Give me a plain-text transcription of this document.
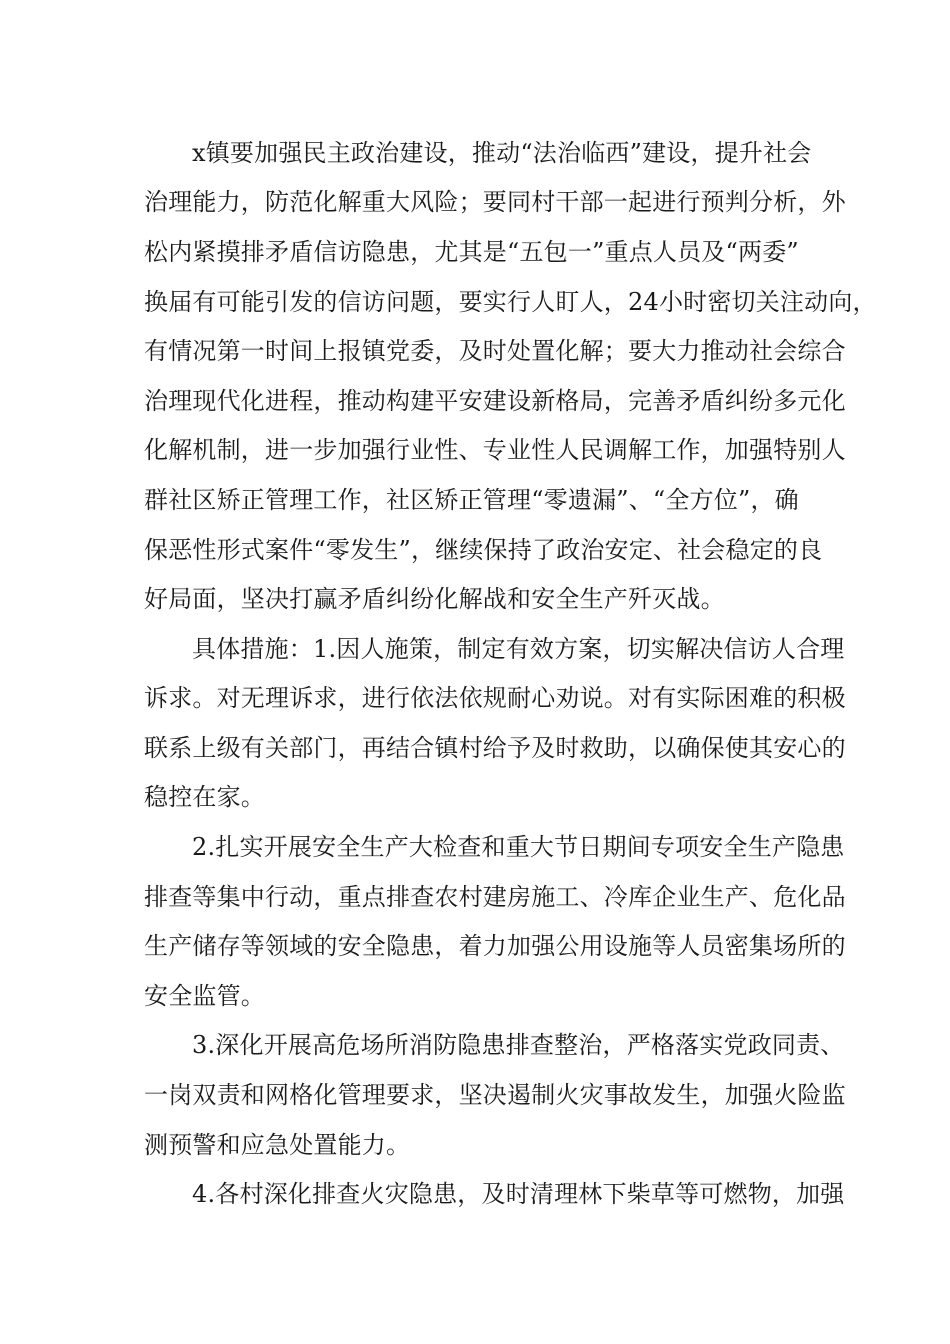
x镇要加强民主政治建设，推动“法治临西”建设，提升社会
治理能力，防范化解重大风险；要同村干部一起进行预判分析，外
松内紧摸排矛盾信访隐患，尤其是“五包一”重点人员及“两委”
换届有可能引发的信访问题，要实行人盯人，24小时密切关注动向，
有情况第一时间上报镇党委，及时处置化解；要大力推动社会综合
治理现代化进程，推动构建平安建设新格局，完善矛盾纠纷多元化
化解机制，进一步加强行业性、专业性人民调解工作，加强特别人
群社区矫正管理工作，社区矫正管理“零遗漏”、“全方位”，确
保恶性形式案件“零发生”，继续保持了政治安定、社会稳定的良
好局面，坚决打赢矛盾纠纷化解战和安全生产歼灭战。
具体措施：1.因人施策，制定有效方案，切实解决信访人合理
诉求。对无理诉求，进行依法依规耐心劝说。对有实际困难的积极
联系上级有关部门，再结合镇村给予及时救助，以确保使其安心的
稳控在家。
2.扎实开展安全生产大检查和重大节日期间专项安全生产隐患
排查等集中行动，重点排查农村建房施工、冷库企业生产、危化品
生产储存等领域的安全隐患，着力加强公用设施等人员密集场所的
安全监管。
3.深化开展高危场所消防隐患排查整治，严格落实党政同责、
一岗双责和网格化管理要求，坚决遏制火灾事故发生，加强火险监
测预警和应急处置能力。
4.各村深化排查火灾隐患，及时清理林下柴草等可燃物，加强
